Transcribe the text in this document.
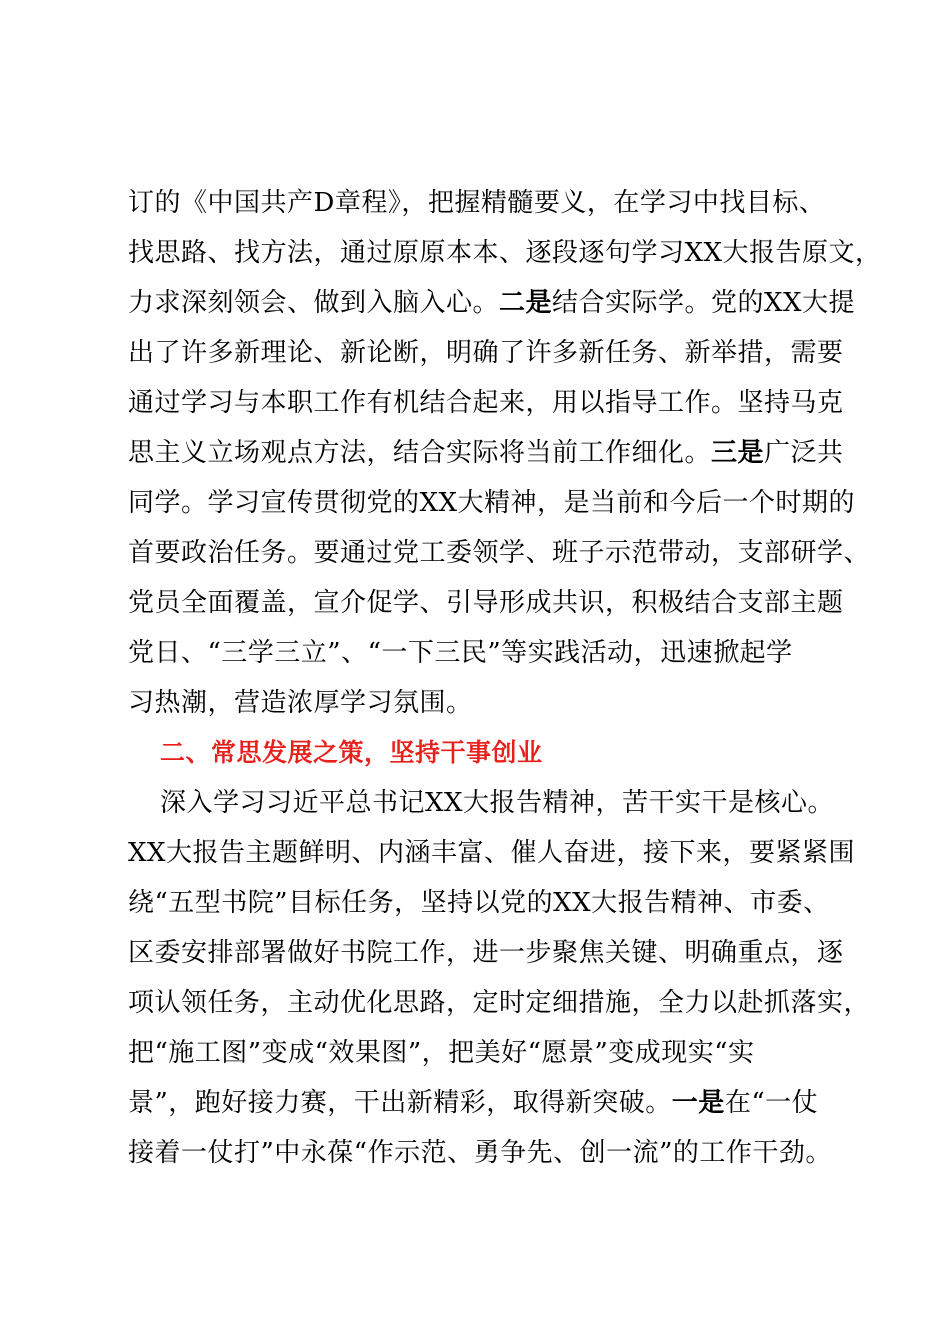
订的《中国共产D章程》，把握精髓要义，在学习中找目标、
找思路、找方法，通过原原本本、逐段逐句学习XX大报告原文，
力求深刻领会、做到入脑入心。二是结合实际学。党的XX大提
出了许多新理论、新论断，明确了许多新任务、新举措，需要
通过学习与本职工作有机结合起来，用以指导工作。坚持马克
思主义立场观点方法，结合实际将当前工作细化。三是广泛共
同学。学习宣传贯彻党的XX大精神，是当前和今后一个时期的
首要政治任务。要通过党工委领学、班子示范带动，支部研学、
党员全面覆盖，宣介促学、引导形成共识，积极结合支部主题
党日、“三学三立”、“一下三民”等实践活动，迅速掀起学
习热潮，营造浓厚学习氛围。
二、常思发展之策，坚持干事创业
深入学习习近平总书记XX大报告精神，苦干实干是核心。
XX大报告主题鲜明、内涵丰富、催人奋进，接下来，要紧紧围
绕“五型书院”目标任务，坚持以党的XX大报告精神、市委、
区委安排部署做好书院工作，进一步聚焦关键、明确重点，逐
项认领任务，主动优化思路，定时定细措施，全力以赴抓落实，
把“施工图”变成“效果图”，把美好“愿景”变成现实“实
景”，跑好接力赛，干出新精彩，取得新突破。一是在“一仗
接着一仗打”中永葆“作示范、勇争先、创一流”的工作干劲。
